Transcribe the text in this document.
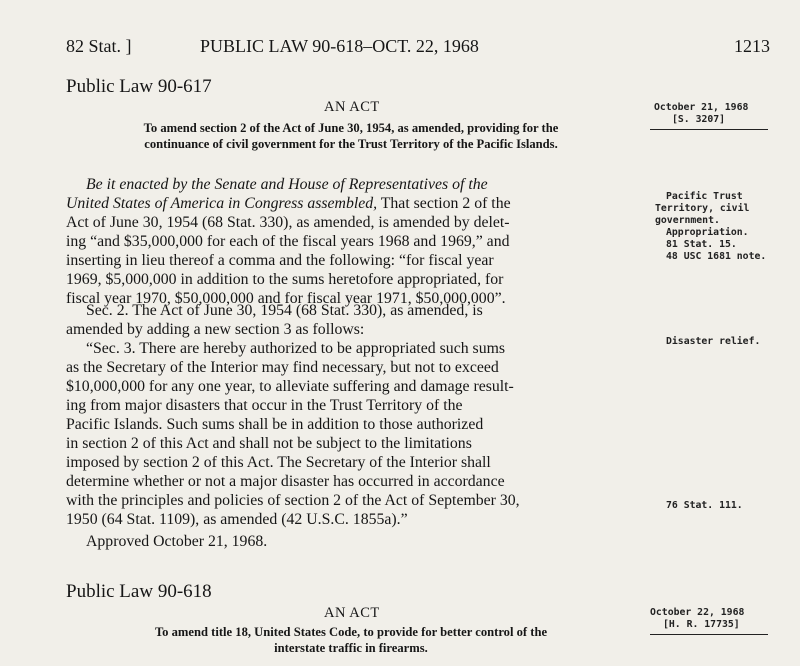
82 Stat. ]	PUBLIC LAW 90-618–OCT. 22, 1968	1213
Public Law 90-617
AN ACT
To amend section 2 of the Act of June 30, 1954, as amended, providing for the
continuance of civil government for the Trust Territory of the Pacific Islands.
October 21, 1968
[S. 3207]

Be it enacted by the Senate and House of Representatives of the
United States of America in Congress assembled, That section 2 of the
Act of June 30, 1954 (68 Stat. 330), as amended, is amended by delet-
ing “and $35,000,000 for each of the fiscal years 1968 and 1969,” and
inserting in lieu thereof a comma and the following: “for fiscal year
1969, $5,000,000 in addition to the sums heretofore appropriated, for
fiscal year 1970, $50,000,000 and for fiscal year 1971, $50,000,000”.
Sec. 2. The Act of June 30, 1954 (68 Stat. 330), as amended, is
amended by adding a new section 3 as follows:
“Sec. 3. There are hereby authorized to be appropriated such sums
as the Secretary of the Interior may find necessary, but not to exceed
$10,000,000 for any one year, to alleviate suffering and damage result-
ing from major disasters that occur in the Trust Territory of the
Pacific Islands. Such sums shall be in addition to those authorized
in section 2 of this Act and shall not be subject to the limitations
imposed by section 2 of this Act. The Secretary of the Interior shall
determine whether or not a major disaster has occurred in accordance
with the principles and policies of section 2 of the Act of September 30,
1950 (64 Stat. 1109), as amended (42 U.S.C. 1855a).”
Approved October 21, 1968.
Pacific Trust
Territory, civil
government.
Appropriation.
81 Stat. 15.
48 USC 1681 note.
Disaster relief.
76 Stat. 111.
Public Law 90-618
AN ACT
To amend title 18, United States Code, to provide for better control of the
interstate traffic in firearms.
October 22, 1968
[H. R. 17735]
